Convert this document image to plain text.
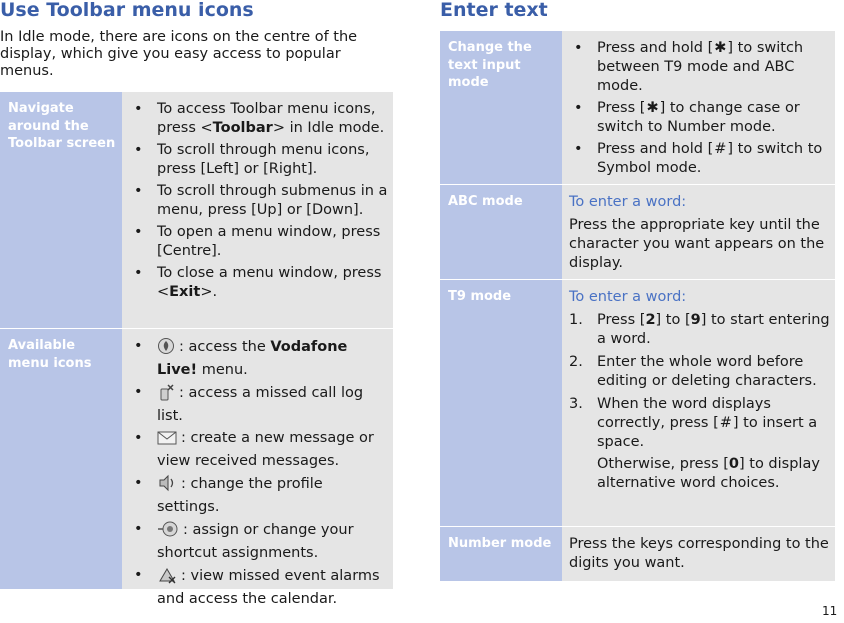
Use Toolbar menu icons

In Idle mode, there are icons on the centre of the display, which give you easy access to popular menus.

Navigate around the Toolbar screen
• To access Toolbar menu icons, press <Toolbar> in Idle mode.
• To scroll through menu icons, press [Left] or [Right].
• To scroll through submenus in a menu, press [Up] or [Down].
• To open a menu window, press [Centre].
• To close a menu window, press <Exit>.
Available menu icons
•	: access the Vodafone Live! menu.
•	: access a missed call log list.
•	: create a new message or view received messages.
•	: change the profile settings.
•	: assign or change your shortcut assignments.
•	: view missed event alarms and access the calendar.
Enter text
Change the text input mode
• Press and hold [✱] to switch between T9 mode and ABC mode.
• Press [✱] to change case or switch to Number mode.
• Press and hold [#] to switch to Symbol mode.
ABC mode	To enter a word:

Press the appropriate key until the character you want appears on the display.

T9 mode	To enter a word:

1. Press [2] to [9] to start entering a word.
2. Enter the whole word before editing or deleting characters.
3. When the word displays correctly, press [#] to insert a space.

Otherwise, press [0] to display alternative word choices.

Number mode	Press the keys corresponding to the digits you want.

11
